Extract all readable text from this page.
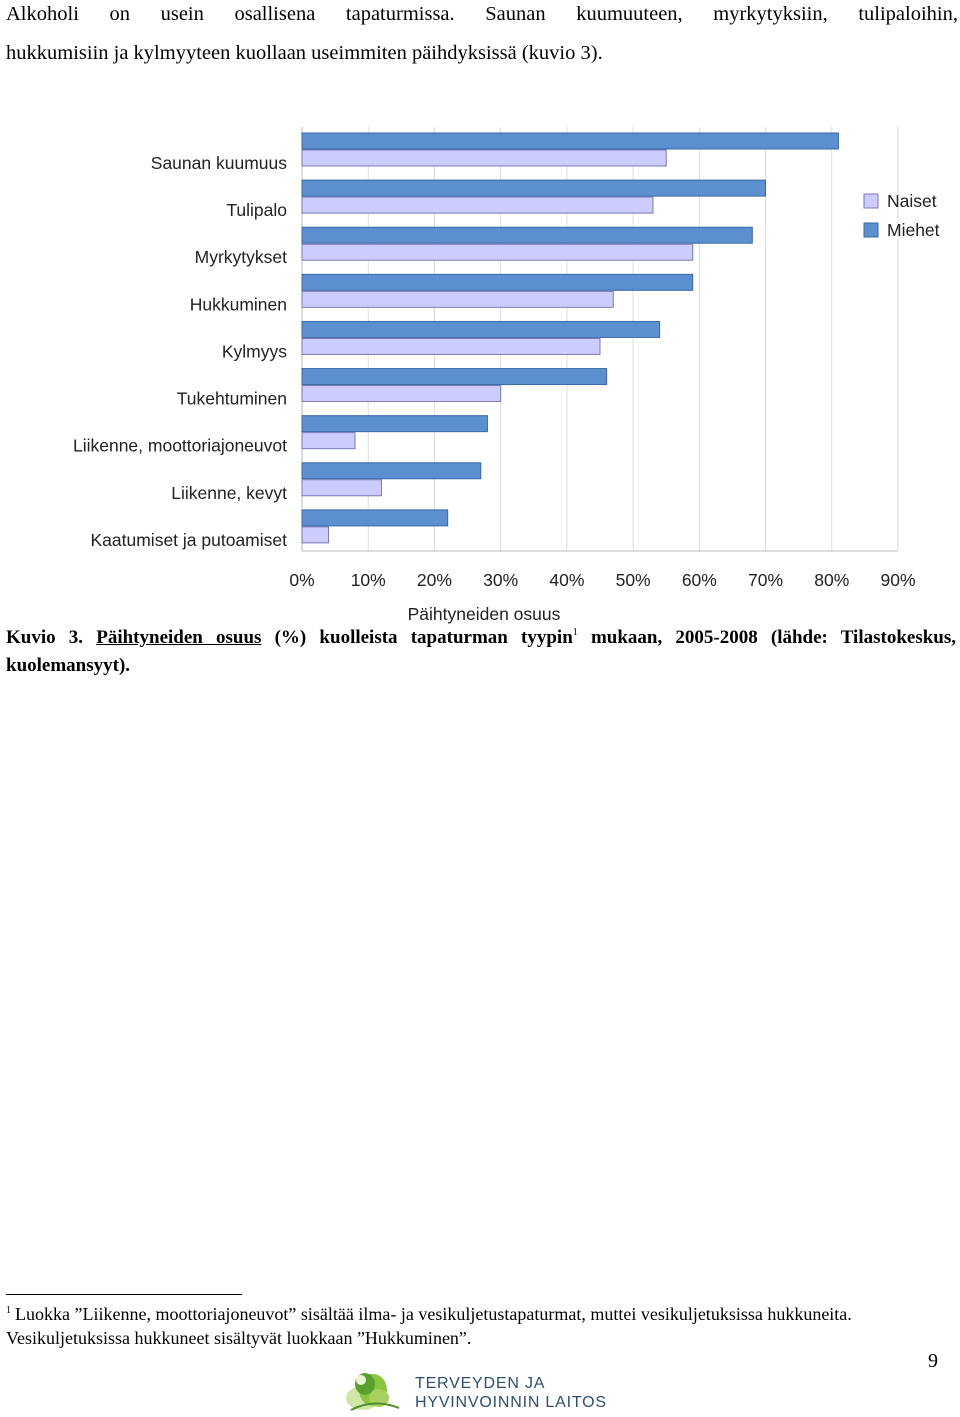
Alkoholi on usein osallisena tapaturmissa. Saunan kuumuuteen, myrkytyksiin, tulipaloihin,
hukkumisiin ja kylmyyteen kuollaan useimmiten päihdyksissä (kuvio 3).
Saunan kuumuus
Tulipalo
Myrkytykset
Hukkuminen
Kylmyys
Tukehtuminen
Liikenne, moottoriajoneuvot
Liikenne, kevyt
Kaatumiset ja putoamiset
0% 10% 20% 30% 40% 50% 60% 70% 80% 90%
Päihtyneiden osuus
Naiset
Miehet
Kuvio 3. Päihtyneiden osuus (%) kuolleista tapaturman tyypin$^1$ mukaan, 2005-2008 (lähde: Tilastokeskus, kuolemansyyt).
$^1$ Luokka ”Liikenne, moottoriajoneuvot” sisältää ilma- ja vesikuljetustapaturmat, muttei vesikuljetuksissa hukkuneita. Vesikuljetuksissa hukkuneet sisältyvät luokkaan ”Hukkuminen”.
9
TERVEYDEN JA
HYVINVOINNIN LAITOS
